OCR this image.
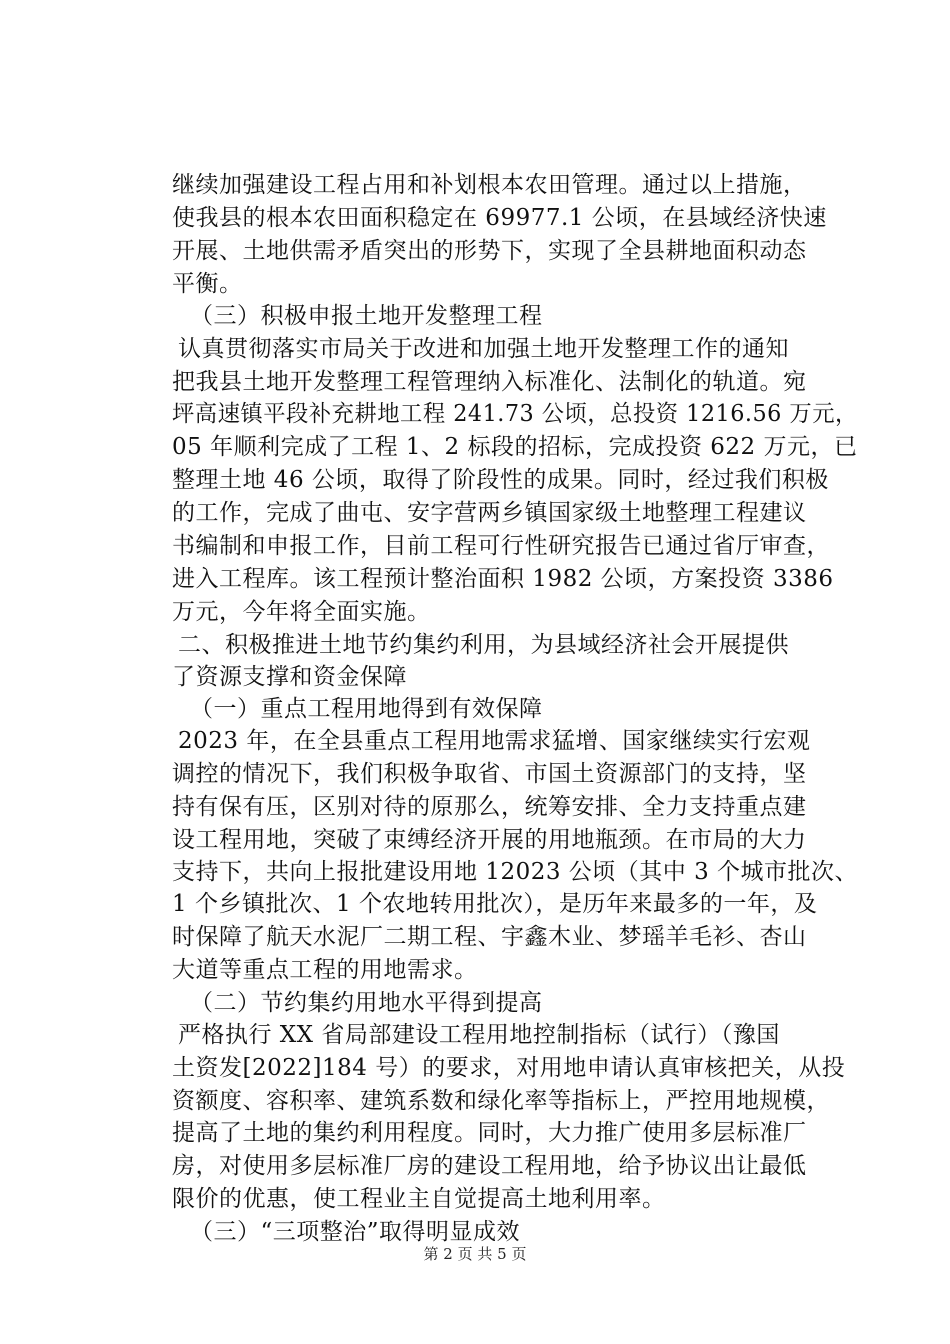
继续加强建设工程占用和补划根本农田管理。通过以上措施，
使我县的根本农田面积稳定在 69977.1 公顷，在县域经济快速
开展、土地供需矛盾突出的形势下，实现了全县耕地面积动态
平衡。
（三）积极申报土地开发整理工程
认真贯彻落实市局关于改进和加强土地开发整理工作的通知
把我县土地开发整理工程管理纳入标准化、法制化的轨道。宛
坪高速镇平段补充耕地工程 241.73 公顷，总投资 1216.56 万元，
05 年顺利完成了工程 1、2 标段的招标，完成投资 622 万元，已
整理土地 46 公顷，取得了阶段性的成果。同时，经过我们积极
的工作，完成了曲屯、安字营两乡镇国家级土地整理工程建议
书编制和申报工作，目前工程可行性研究报告已通过省厅审查，
进入工程库。该工程预计整治面积 1982 公顷，方案投资 3386
万元，今年将全面实施。
二、积极推进土地节约集约利用，为县域经济社会开展提供
了资源支撑和资金保障
（一）重点工程用地得到有效保障
2023 年，在全县重点工程用地需求猛增、国家继续实行宏观
调控的情况下，我们积极争取省、市国土资源部门的支持，坚
持有保有压，区别对待的原那么，统筹安排、全力支持重点建
设工程用地，突破了束缚经济开展的用地瓶颈。在市局的大力
支持下，共向上报批建设用地 12023 公顷（其中 3 个城市批次、
1 个乡镇批次、1 个农地转用批次），是历年来最多的一年，及
时保障了航天水泥厂二期工程、宇鑫木业、梦瑶羊毛衫、杏山
大道等重点工程的用地需求。
（二）节约集约用地水平得到提高
严格执行 XX 省局部建设工程用地控制指标（试行）（豫国
土资发[2022]184 号）的要求，对用地申请认真审核把关，从投
资额度、容积率、建筑系数和绿化率等指标上，严控用地规模，
提高了土地的集约利用程度。同时，大力推广使用多层标准厂
房，对使用多层标准厂房的建设工程用地，给予协议出让最低
限价的优惠，使工程业主自觉提高土地利用率。
（三）“三项整治”取得明显成效
第 2 页 共 5 页
